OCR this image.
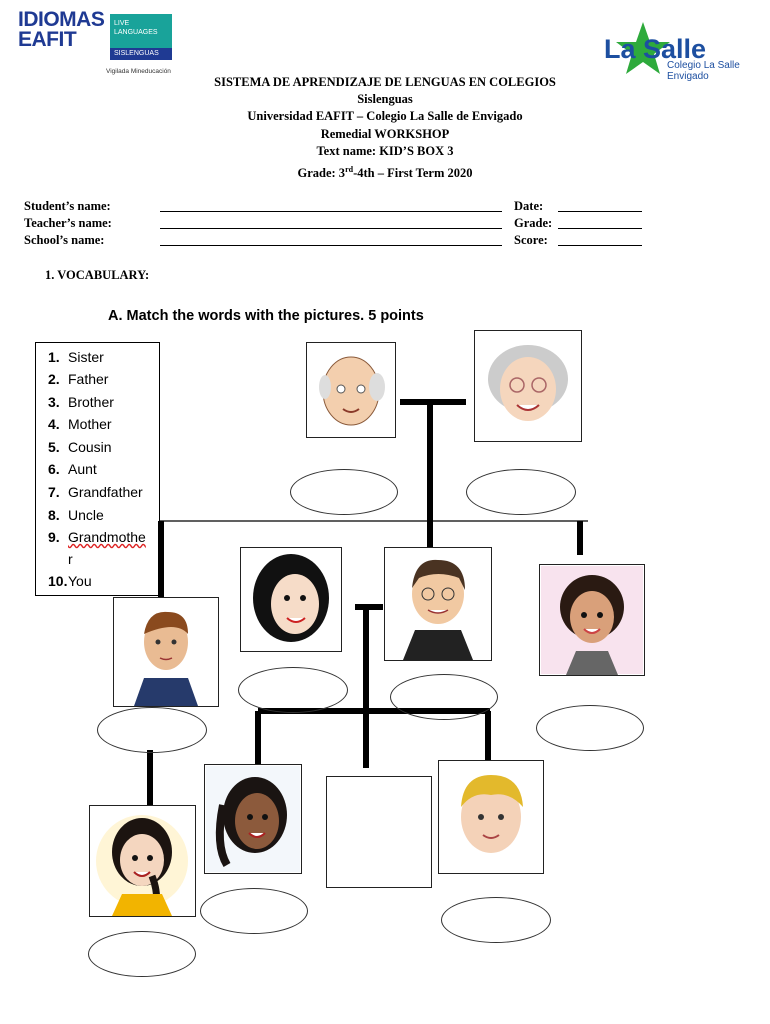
IDIOMAS
EAFIT
LIVE
LANGUAGES
SISLENGUAS
Vigilada Mineducación
La Salle
Colegio La Salle
Envigado
SISTEMA DE APRENDIZAJE DE LENGUAS EN COLEGIOS
Sislenguas
Universidad EAFIT – Colegio La Salle de Envigado
Remedial WORKSHOP
Text name: KID’S BOX 3
Grade: 3rd-4th – First Term 2020
Student’s name:
Teacher’s name:
School’s name:
Date:
Grade:
Score:
1. VOCABULARY:
A. Match the words with the pictures. 5 points
1. Sister
2. Father
3. Brother
4. Mother
5. Cousin
6. Aunt
7. Grandfather
8. Uncle
9. Grandmothe
r
10.You
